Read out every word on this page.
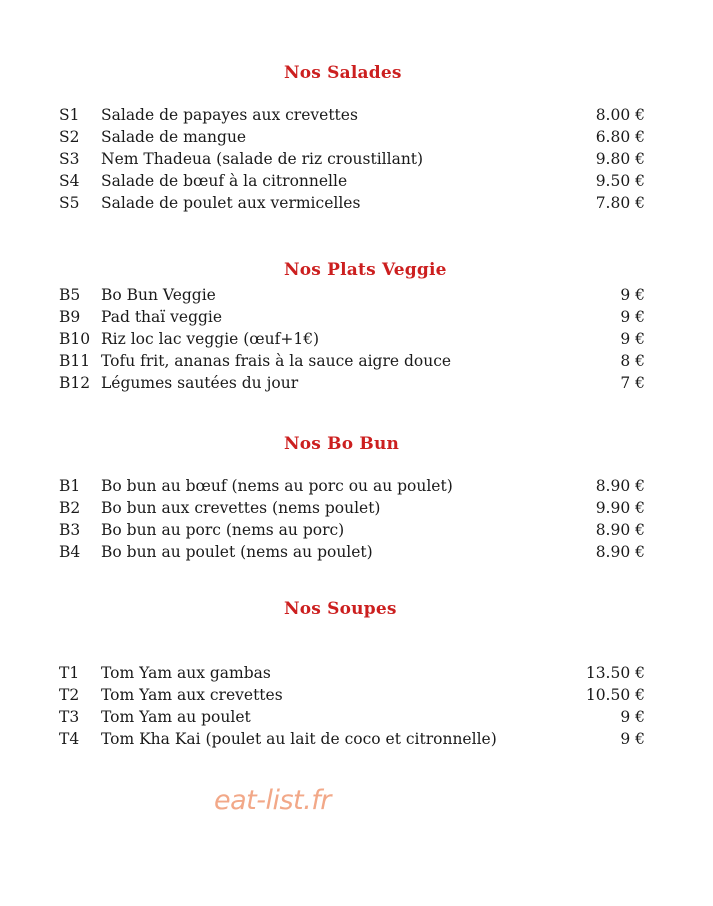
Nos Salades
S1 Salade de papayes aux crevettes	8.00 €
S2 Salade de mangue	6.80 €
S3 Nem Thadeua (salade de riz croustillant)	9.80 €
S4 Salade de bœuf à la citronnelle	9.50 €
S5 Salade de poulet aux vermicelles	7.80 €
Nos Plats Veggie
B5 Bo Bun Veggie	9 €
B9 Pad thaï veggie	9 €
B10 Riz loc lac veggie (œuf+1€)	9 €
B11 Tofu frit, ananas frais à la sauce aigre douce	8 €
B12 Légumes sautées du jour	7 €
Nos Bo Bun
B1 Bo bun au bœuf (nems au porc ou au poulet)	8.90 €
B2 Bo bun aux crevettes (nems poulet)	9.90 €
B3 Bo bun au porc (nems au porc)	8.90 €
B4 Bo bun au poulet (nems au poulet)	8.90 €
Nos Soupes
T1 Tom Yam aux gambas	13.50 €
T2 Tom Yam aux crevettes	10.50 €
T3 Tom Yam au poulet	9 €
T4 Tom Kha Kai (poulet au lait de coco et citronnelle)	9 €
eat-list.fr
